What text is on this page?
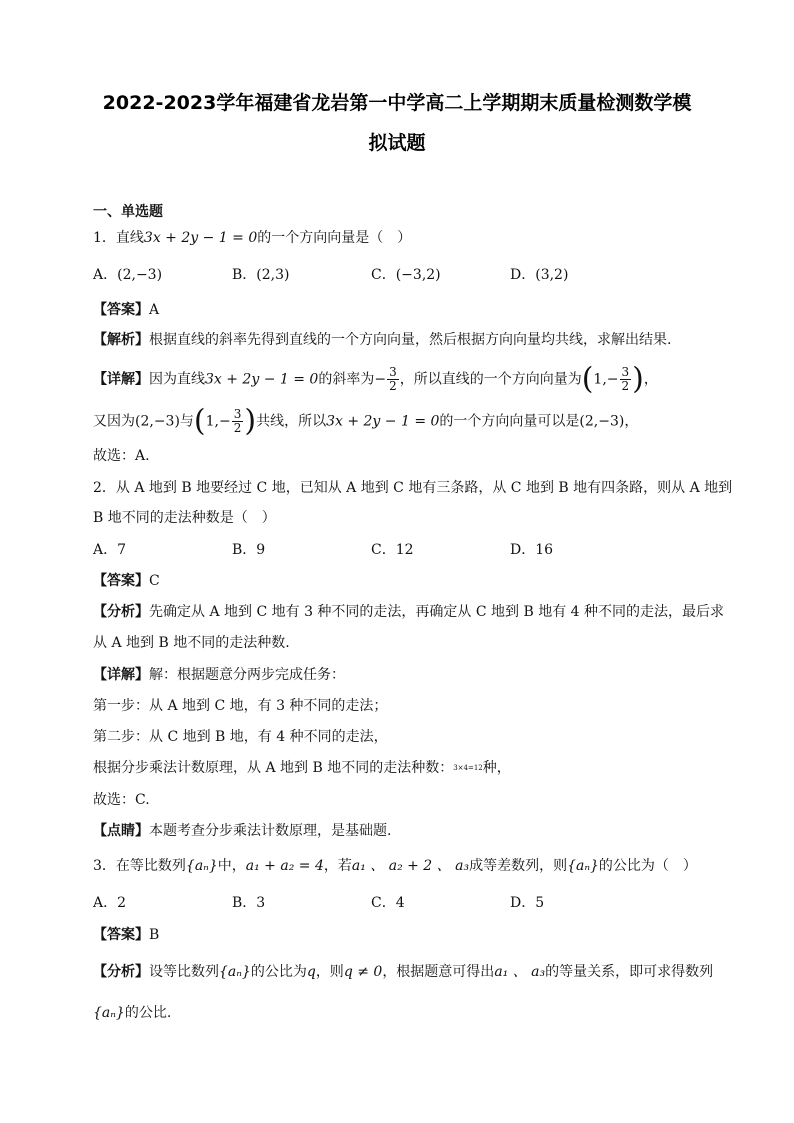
2022-2023学年福建省龙岩第一中学高二上学期期末质量检测数学模
拟试题
一、单选题
1．直线3x + 2y − 1 = 0的一个方向向量是（　）
A．(2,−3)	B．(2,3)	C．(−3,2)	D．(3,2)
【答案】A
【解析】根据直线的斜率先得到直线的一个方向向量，然后根据方向向量均共线，求解出结果.
【详解】因为直线3x + 2y − 1 = 0的斜率为− $\frac{3}{2}$ ，所以直线的一个方向向量为($1,- \frac{3}{2}$ )，
又因为(2,−3)与($1,- \frac{3}{2}$ )共线，所以3x + 2y − 1 = 0的一个方向向量可以是(2,−3)，
故选：A.
2．从 A 地到 B 地要经过 C 地，已知从 A 地到 C 地有三条路，从 C 地到 B 地有四条路，则从 A 地到
B 地不同的走法种数是（　）
A．7	B．9	C．12	D．16
【答案】C
【分析】先确定从 A 地到 C 地有 3 种不同的走法，再确定从 C 地到 B 地有 4 种不同的走法，最后求
从 A 地到 B 地不同的走法种数.
【详解】解：根据题意分两步完成任务：
第一步：从 A 地到 C 地，有 3 种不同的走法；
第二步：从 C 地到 B 地，有 4 种不同的走法，
根据分步乘法计数原理，从 A 地到 B 地不同的走法种数：3×4=12种，
故选：C.
【点睛】本题考查分步乘法计数原理，是基础题.
3．在等比数列{aₙ}中，a₁ + a₂ = 4，若a₁ 、 a₂ + 2 、 a₃成等差数列，则{aₙ}的公比为（　）
A．2	B．3	C．4	D．5
【答案】B
【分析】设等比数列{aₙ}的公比为q，则q ≠ 0，根据题意可得出a₁ 、 a₃的等量关系，即可求得数列
{aₙ}的公比.
